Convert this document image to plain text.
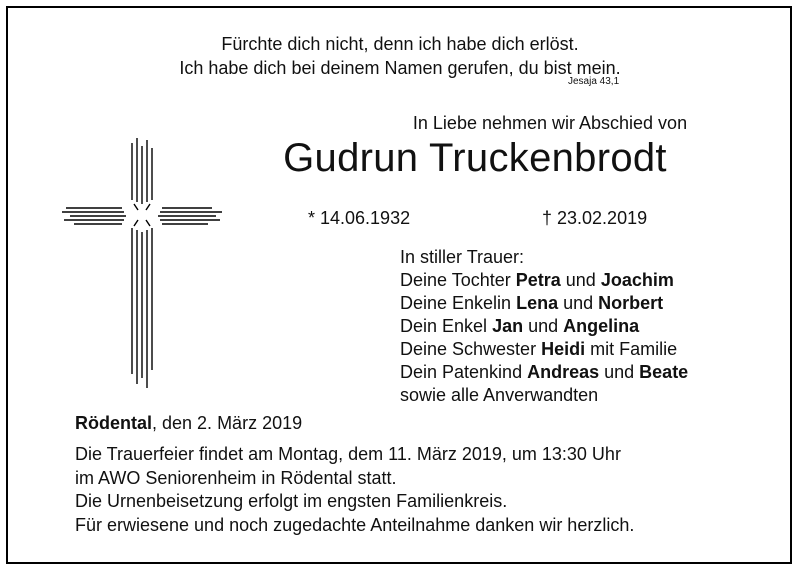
Fürchte dich nicht, denn ich habe dich erlöst.
Ich habe dich bei deinem Namen gerufen, du bist mein.
Jesaja 43,1
In Liebe nehmen wir Abschied von
Gudrun Truckenbrodt
* 14.06.1932	† 23.02.2019
In stiller Trauer:
Deine Tochter Petra und Joachim
Deine Enkelin Lena und Norbert
Dein Enkel Jan und Angelina
Deine Schwester Heidi mit Familie
Dein Patenkind Andreas und Beate
sowie alle Anverwandten
Rödental, den 2. März 2019
Die Trauerfeier findet am Montag, dem 11. März 2019, um 13:30 Uhr
im AWO Seniorenheim in Rödental statt.
Die Urnenbeisetzung erfolgt im engsten Familienkreis.
Für erwiesene und noch zugedachte Anteilnahme danken wir herzlich.
